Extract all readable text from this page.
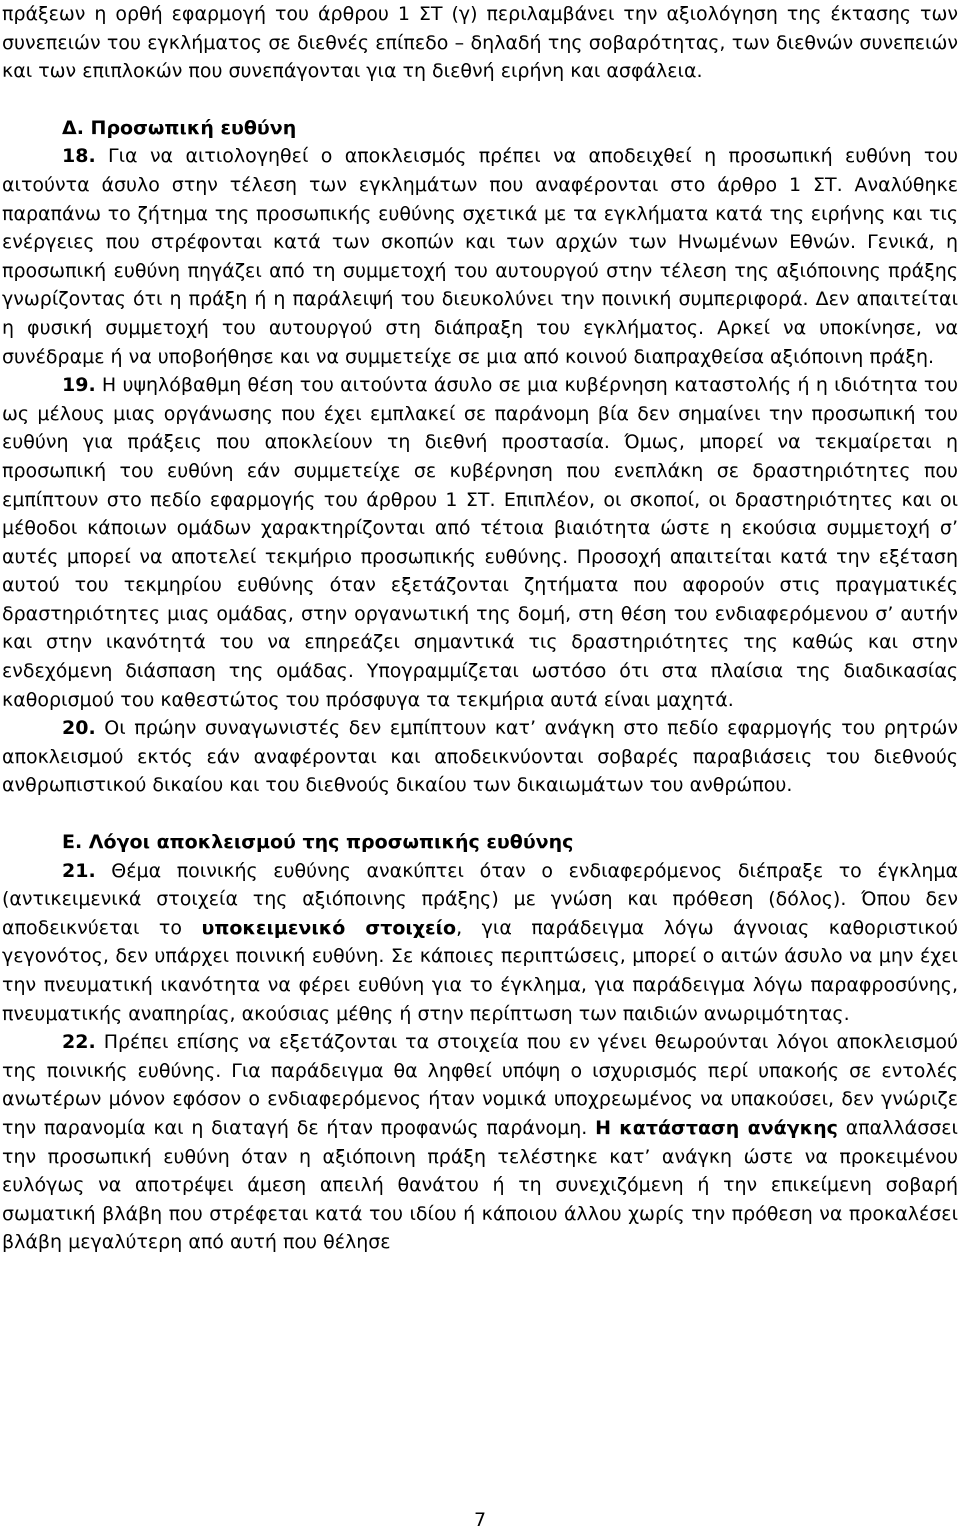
πράξεων η ορθή εφαρμογή του άρθρου 1 ΣΤ (γ) περιλαμβάνει την αξιολόγηση της έκτασης των συνεπειών του εγκλήματος σε διεθνές επίπεδο – δηλαδή της σοβαρότητας, των διεθνών συνεπειών και των επιπλοκών που συνεπάγονται για τη διεθνή ειρήνη και ασφάλεια.

Δ. Προσωπική ευθύνη

18. Για να αιτιολογηθεί ο αποκλεισμός πρέπει να αποδειχθεί η προσωπική ευθύνη του αιτούντα άσυλο στην τέλεση των εγκλημάτων που αναφέρονται στο άρθρο 1 ΣΤ. Αναλύθηκε παραπάνω το ζήτημα της προσωπικής ευθύνης σχετικά με τα εγκλήματα κατά της ειρήνης και τις ενέργειες που στρέφονται κατά των σκοπών και των αρχών των Ηνωμένων Εθνών. Γενικά, η προσωπική ευθύνη πηγάζει από τη συμμετοχή του αυτουργού στην τέλεση της αξιόποινης πράξης γνωρίζοντας ότι η πράξη ή η παράλειψή του διευκολύνει την ποινική συμπεριφορά. Δεν απαιτείται η φυσική συμμετοχή του αυτουργού στη διάπραξη του εγκλήματος. Αρκεί να υποκίνησε, να συνέδραμε ή να υποβοήθησε και να συμμετείχε σε μια από κοινού διαπραχθείσα αξιόποινη πράξη.

19. Η υψηλόβαθμη θέση του αιτούντα άσυλο σε μια κυβέρνηση καταστολής ή η ιδιότητα του ως μέλους μιας οργάνωσης που έχει εμπλακεί σε παράνομη βία δεν σημαίνει την προσωπική του ευθύνη για πράξεις που αποκλείουν τη διεθνή προστασία. Όμως, μπορεί να τεκμαίρεται η προσωπική του ευθύνη εάν συμμετείχε σε κυβέρνηση που ενεπλάκη σε δραστηριότητες που εμπίπτουν στο πεδίο εφαρμογής του άρθρου 1 ΣΤ. Επιπλέον, οι σκοποί, οι δραστηριότητες και οι μέθοδοι κάποιων ομάδων χαρακτηρίζονται από τέτοια βιαιότητα ώστε η εκούσια συμμετοχή σ’ αυτές μπορεί να αποτελεί τεκμήριο προσωπικής ευθύνης. Προσοχή απαιτείται κατά την εξέταση αυτού του τεκμηρίου ευθύνης όταν εξετάζονται ζητήματα που αφορούν στις πραγματικές δραστηριότητες μιας ομάδας, στην οργανωτική της δομή, στη θέση του ενδιαφερόμενου σ’ αυτήν και στην ικανότητά του να επηρεάζει σημαντικά τις δραστηριότητες της καθώς και στην ενδεχόμενη διάσπαση της ομάδας. Υπογραμμίζεται ωστόσο ότι στα πλαίσια της διαδικασίας καθορισμού του καθεστώτος του πρόσφυγα τα τεκμήρια αυτά είναι μαχητά.

20. Οι πρώην συναγωνιστές δεν εμπίπτουν κατ’ ανάγκη στο πεδίο εφαρμογής του ρητρών αποκλεισμού εκτός εάν αναφέρονται και αποδεικνύονται σοβαρές παραβιάσεις του διεθνούς ανθρωπιστικού δικαίου και του διεθνούς δικαίου των δικαιωμάτων του ανθρώπου.

Ε. Λόγοι αποκλεισμού της προσωπικής ευθύνης

21. Θέμα ποινικής ευθύνης ανακύπτει όταν ο ενδιαφερόμενος διέπραξε το έγκλημα (αντικειμενικά στοιχεία της αξιόποινης πράξης) με γνώση και πρόθεση (δόλος). Όπου δεν αποδεικνύεται το υποκειμενικό στοιχείο, για παράδειγμα λόγω άγνοιας καθοριστικού γεγονότος, δεν υπάρχει ποινική ευθύνη. Σε κάποιες περιπτώσεις, μπορεί ο αιτών άσυλο να μην έχει την πνευματική ικανότητα να φέρει ευθύνη για το έγκλημα, για παράδειγμα λόγω παραφροσύνης, πνευματικής αναπηρίας, ακούσιας μέθης ή στην περίπτωση των παιδιών ανωριμότητας.

22. Πρέπει επίσης να εξετάζονται τα στοιχεία που εν γένει θεωρούνται λόγοι αποκλεισμού της ποινικής ευθύνης. Για παράδειγμα θα ληφθεί υπόψη ο ισχυρισμός περί υπακοής σε εντολές ανωτέρων μόνον εφόσον ο ενδιαφερόμενος ήταν νομικά υποχρεωμένος να υπακούσει, δεν γνώριζε την παρανομία και η διαταγή δε ήταν προφανώς παράνομη. Η κατάσταση ανάγκης απαλλάσσει την προσωπική ευθύνη όταν η αξιόποινη πράξη τελέστηκε κατ’ ανάγκη ώστε να προκειμένου ευλόγως να αποτρέψει άμεση απειλή θανάτου ή τη συνεχιζόμενη ή την επικείμενη σοβαρή σωματική βλάβη που στρέφεται κατά του ιδίου ή κάποιου άλλου χωρίς την πρόθεση να προκαλέσει βλάβη μεγαλύτερη από αυτή που θέλησε

7
